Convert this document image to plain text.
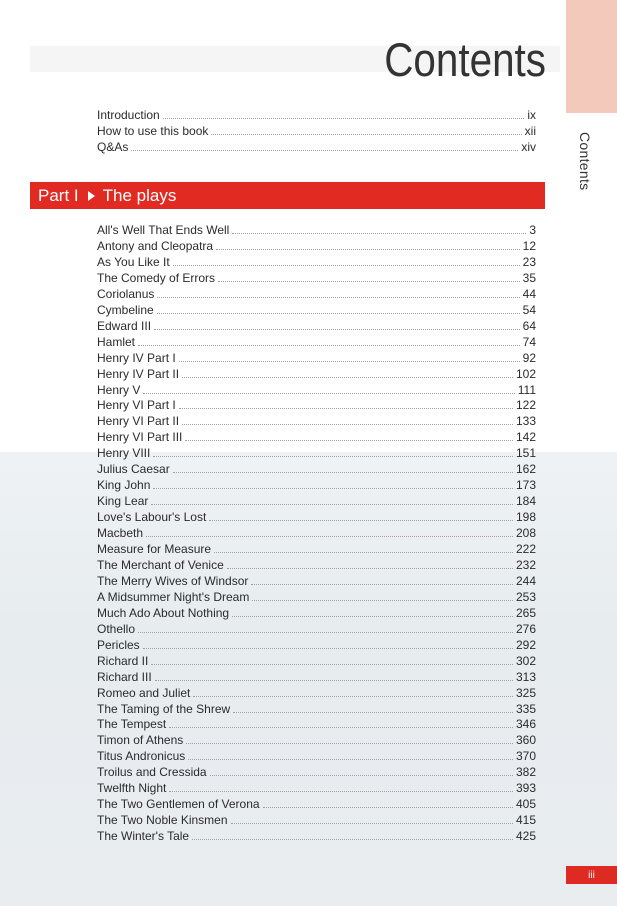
Contents
Contents
Introduction	ix
How to use this book	xii
Q&As	xiv
Part I The plays
All's Well That Ends Well	3
Antony and Cleopatra	12
As You Like It	23
The Comedy of Errors	35
Coriolanus	44
Cymbeline	54
Edward III	64
Hamlet	74
Henry IV Part I	92
Henry IV Part II	102
Henry V	111
Henry VI Part I	122
Henry VI Part II	133
Henry VI Part III	142
Henry VIII	151
Julius Caesar	162
King John	173
King Lear	184
Love's Labour's Lost	198
Macbeth	208
Measure for Measure	222
The Merchant of Venice	232
The Merry Wives of Windsor	244
A Midsummer Night's Dream	253
Much Ado About Nothing	265
Othello	276
Pericles	292
Richard II	302
Richard III	313
Romeo and Juliet	325
The Taming of the Shrew	335
The Tempest	346
Timon of Athens	360
Titus Andronicus	370
Troilus and Cressida	382
Twelfth Night	393
The Two Gentlemen of Verona	405
The Two Noble Kinsmen	415
The Winter's Tale	425
iii
